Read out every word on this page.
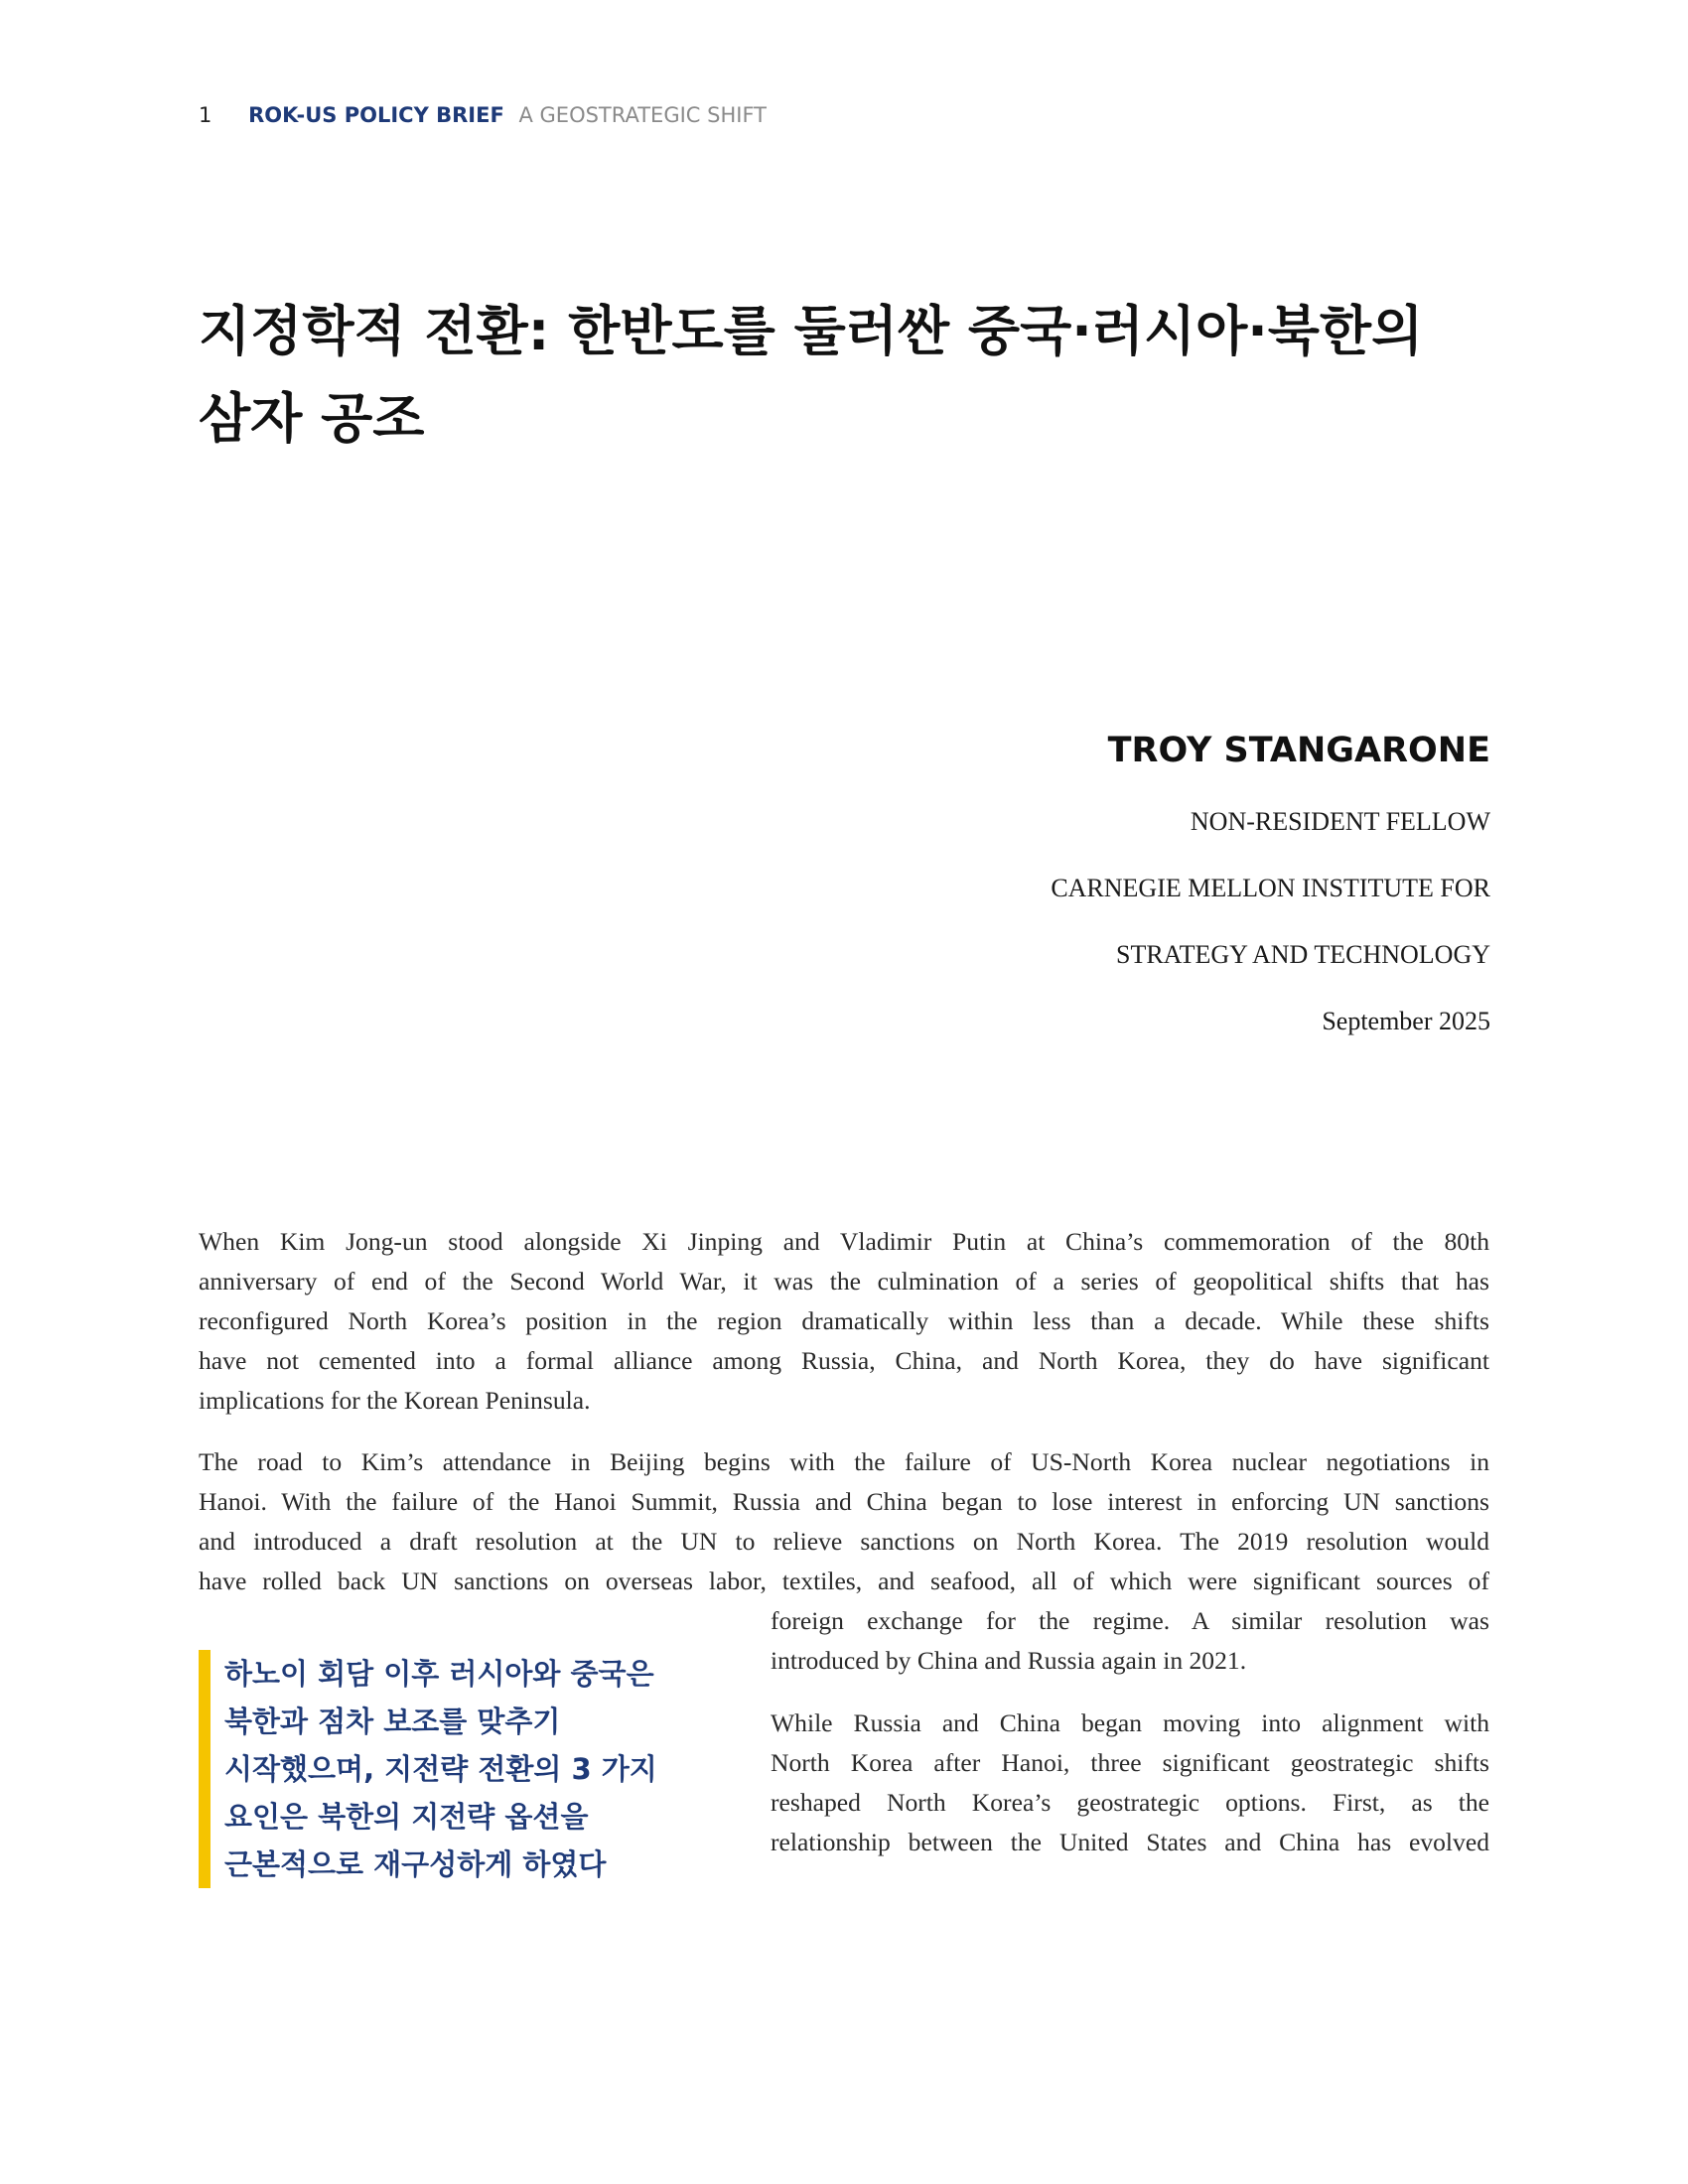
1 ROK-US POLICY BRIEF A GEOSTRATEGIC SHIFT
지정학적 전환: 한반도를 둘러싼 중국·러시아·북한의
삼자 공조

TROY STANGARONE

NON-RESIDENT FELLOW

CARNEGIE MELLON INSTITUTE FOR

STRATEGY AND TECHNOLOGY

September 2025

When Kim Jong-un stood alongside Xi Jinping and Vladimir Putin at China’s commemoration of the 80th
anniversary of end of the Second World War, it was the culmination of a series of geopolitical shifts that has
reconfigured North Korea’s position in the region dramatically within less than a decade. While these shifts
have not cemented into a formal alliance among Russia, China, and North Korea, they do have significant
implications for the Korean Peninsula.

The road to Kim’s attendance in Beijing begins with the failure of US-North Korea nuclear negotiations in
Hanoi. With the failure of the Hanoi Summit, Russia and China began to lose interest in enforcing UN sanctions
and introduced a draft resolution at the UN to relieve sanctions on North Korea. The 2019 resolution would
have rolled back UN sanctions on overseas labor, textiles, and seafood, all of which were significant sources of

foreign exchange for the regime. A similar resolution was
introduced by China and Russia again in 2021.

While Russia and China began moving into alignment with
North Korea after Hanoi, three significant geostrategic shifts
reshaped North Korea’s geostrategic options. First, as the
relationship between the United States and China has evolved

하노이 회담 이후 러시아와 중국은
북한과 점차 보조를 맞추기
시작했으며, 지전략 전환의 3 가지
요인은 북한의 지전략 옵션을
근본적으로 재구성하게 하였다
